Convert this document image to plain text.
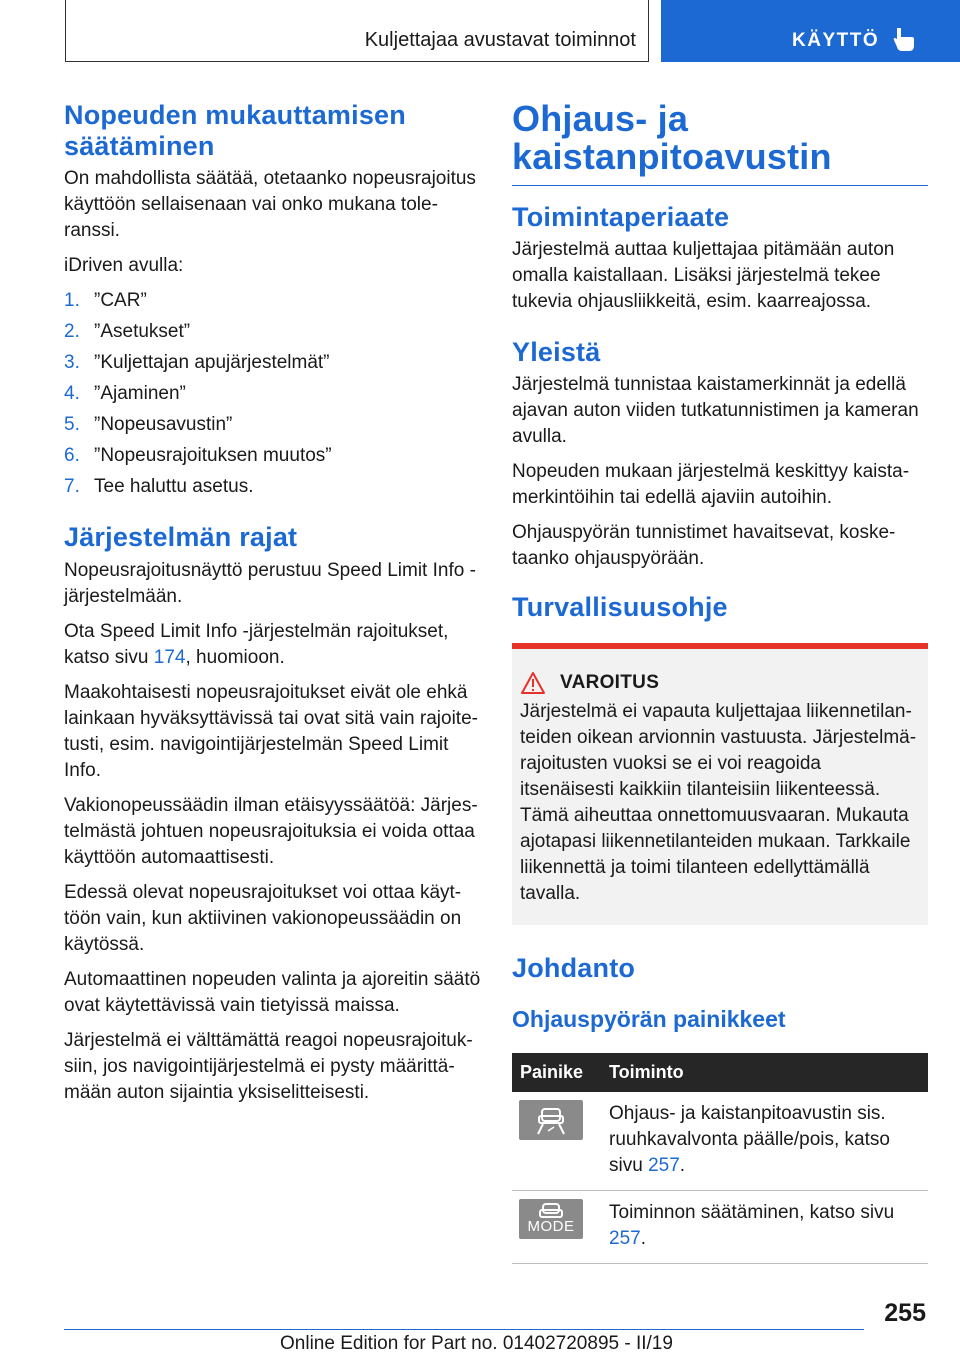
Kuljettajaa avustavat toiminnot	KÄYTTÖ
Nopeuden mukauttamisen säätäminen

On mahdollista säätää, otetaanko nopeusrajoitus käyttöön sellaisenaan vai onko mukana toleranssi.

iDriven avulla:

1. ”CAR”
2. ”Asetukset”
3. ”Kuljettajan apujärjestelmät”
4. ”Ajaminen”
5. ”Nopeusavustin”
6. ”Nopeusrajoituksen muutos”
7. Tee haluttu asetus.
Järjestelmän rajat

Nopeusrajoitusnäyttö perustuu Speed Limit Info -järjestelmään.

Ota Speed Limit Info -järjestelmän rajoitukset, katso sivu 174, huomioon.

Maakohtaisesti nopeusrajoitukset eivät ole ehkä lainkaan hyväksyttävissä tai ovat sitä vain rajoitetusti, esim. navigointijärjestelmän Speed Limit Info.

Vakionopeussäädin ilman etäisyyssäätöä: Järjestelmästä johtuen nopeusrajoituksia ei voida ottaa käyttöön automaattisesti.

Edessä olevat nopeusrajoitukset voi ottaa käyttöön vain, kun aktiivinen vakionopeussäädin on käytössä.

Automaattinen nopeuden valinta ja ajoreitin säätö ovat käytettävissä vain tietyissä maissa.

Järjestelmä ei välttämättä reagoi nopeusrajoituksiin, jos navigointijärjestelmä ei pysty määrittämään auton sijaintia yksiselitteisesti.

Ohjaus- ja kaistanpitoavustin
Toimintaperiaate

Järjestelmä auttaa kuljettajaa pitämään auton omalla kaistallaan. Lisäksi järjestelmä tekee tukevia ohjausliikkeitä, esim. kaarreajossa.

Yleistä

Järjestelmä tunnistaa kaistamerkinnät ja edellä ajavan auton viiden tutkatunnistimen ja kameran avulla.

Nopeuden mukaan järjestelmä keskittyy kaistamerkintöihin tai edellä ajaviin autoihin.

Ohjauspyörän tunnistimet havaitsevat, kosketaanko ohjauspyörään.

Turvallisuusohje
VAROITUS

Järjestelmä ei vapauta kuljettajaa liikennetilanteiden oikean arvionnin vastuusta. Järjestelmärajoitusten vuoksi se ei voi reagoida itsenäisesti kaikkiin tilanteisiin liikenteessä. Tämä aiheuttaa onnettomuusvaaran. Mukauta ajotapasi liikennetilanteiden mukaan. Tarkkaile liikennettä ja toimi tilanteen edellyttämällä tavalla.

Johdanto
Ohjauspyörän painikkeet
Painike	Toiminto

	Ohjaus- ja kaistanpitoavustin sis. ruuhkavalvonta päälle/pois, katso sivu 257.

MODE	Toiminnon säätäminen, katso sivu 257.
255
Online Edition for Part no. 01402720895 - II/19
